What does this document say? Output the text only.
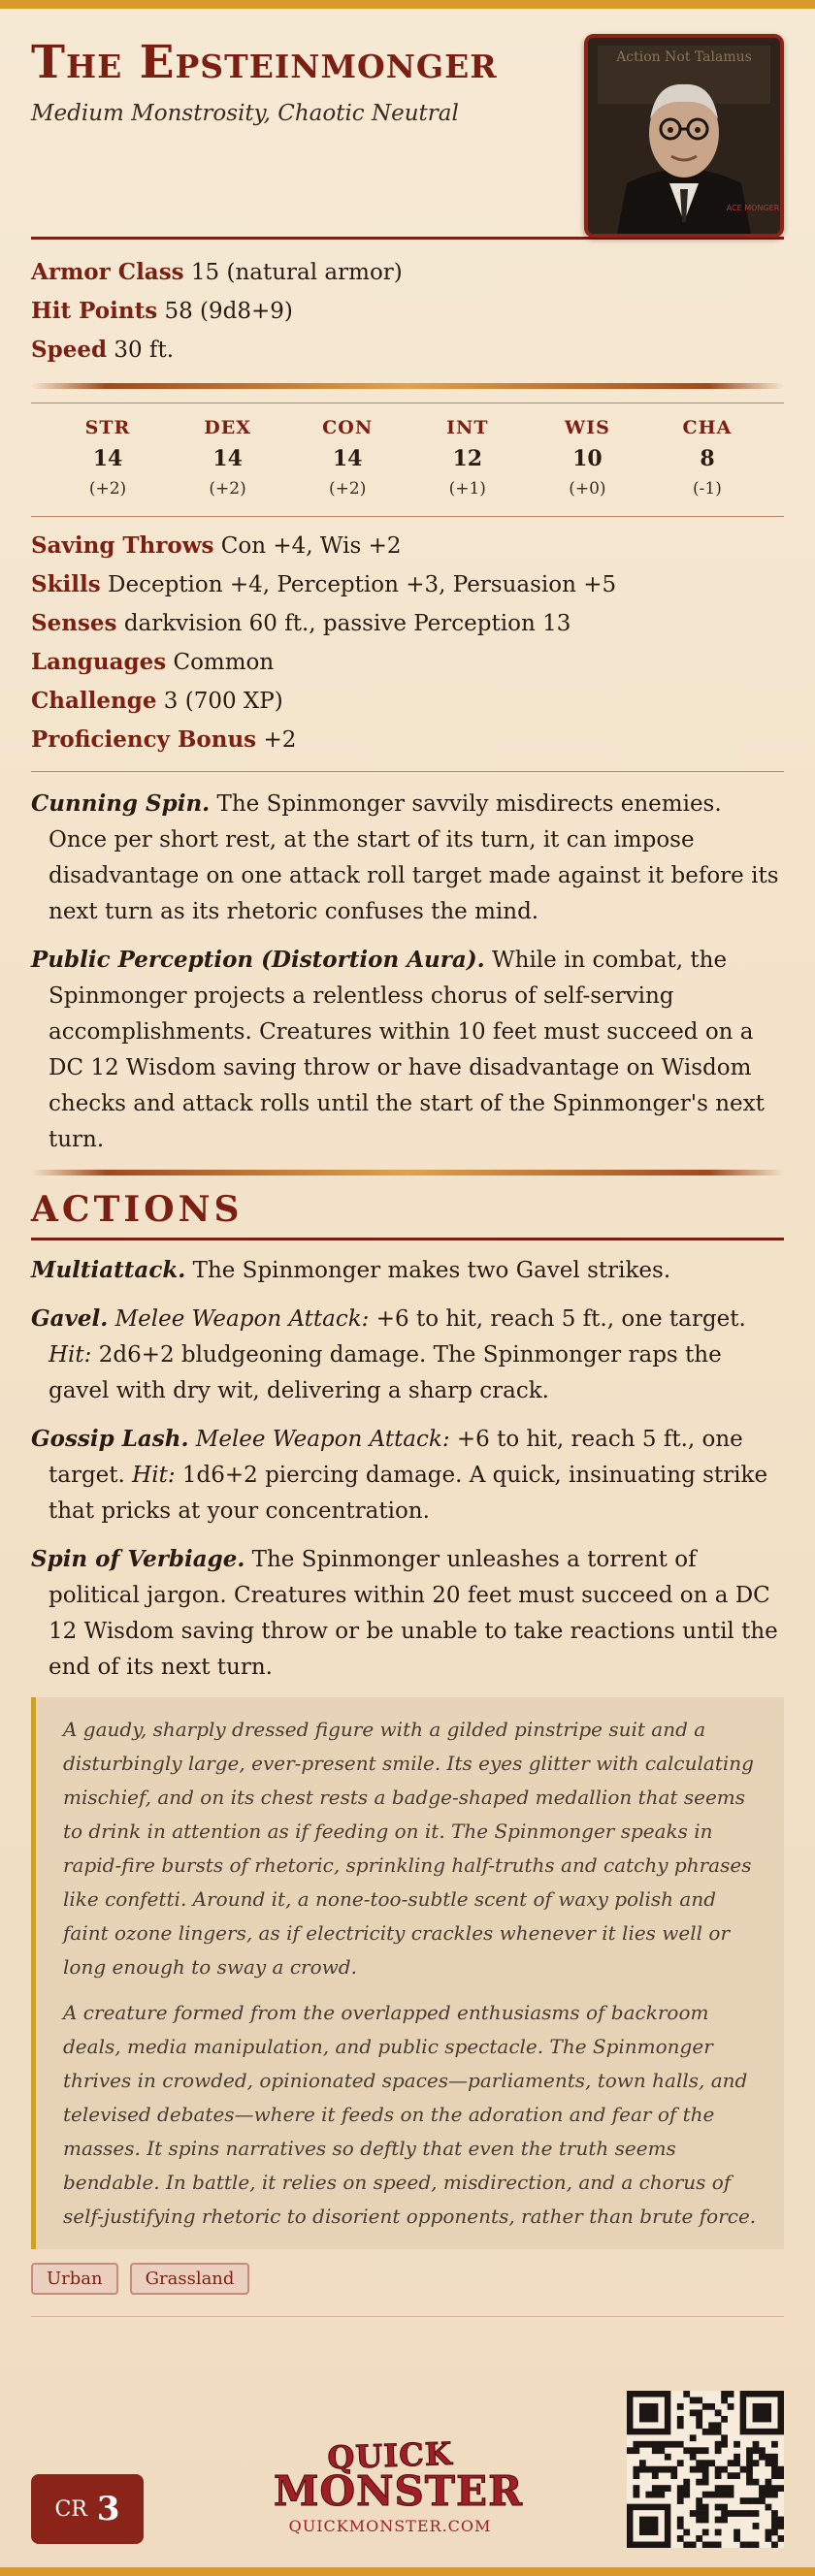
The Epsteinmonger
Medium Monstrosity, Chaotic Neutral
Action Not Talamus
ACE MONGER
Armor Class 15 (natural armor)
Hit Points 58 (9d8+9)
Speed 30 ft.
STR
14
(+2)
DEX
14
(+2)
CON
14
(+2)
INT
12
(+1)
WIS
10
(+0)
CHA
8
(-1)
Saving Throws Con +4, Wis +2
Skills Deception +4, Perception +3, Persuasion +5
Senses darkvision 60 ft., passive Perception 13
Languages Common
Challenge 3 (700 XP)
Proficiency Bonus +2

Cunning Spin. The Spinmonger savvily misdirects enemies. Once per short rest, at the start of its turn, it can impose disadvantage on one attack roll target made against it before its next turn as its rhetoric confuses the mind.

Public Perception (Distortion Aura). While in combat, the Spinmonger projects a relentless chorus of self-serving accomplishments. Creatures within 10 feet must succeed on a DC 12 Wisdom saving throw or have disadvantage on Wisdom checks and attack rolls until the start of the Spinmonger's next turn.

ACTIONS

Multiattack. The Spinmonger makes two Gavel strikes.

Gavel. Melee Weapon Attack: +6 to hit, reach 5 ft., one target. Hit: 2d6+2 bludgeoning damage. The Spinmonger raps the gavel with dry wit, delivering a sharp crack.

Gossip Lash. Melee Weapon Attack: +6 to hit, reach 5 ft., one target. Hit: 1d6+2 piercing damage. A quick, insinuating strike that pricks at your concentration.

Spin of Verbiage. The Spinmonger unleashes a torrent of political jargon. Creatures within 20 feet must succeed on a DC 12 Wisdom saving throw or be unable to take reactions until the end of its next turn.

A gaudy, sharply dressed figure with a gilded pinstripe suit and a disturbingly large, ever-present smile. Its eyes glitter with calculating mischief, and on its chest rests a badge-shaped medallion that seems to drink in attention as if feeding on it. The Spinmonger speaks in rapid-fire bursts of rhetoric, sprinkling half-truths and catchy phrases like confetti. Around it, a none-too-subtle scent of waxy polish and faint ozone lingers, as if electricity crackles whenever it lies well or long enough to sway a crowd.

A creature formed from the overlapped enthusiasms of backroom deals, media manipulation, and public spectacle. The Spinmonger thrives in crowded, opinionated spaces—parliaments, town halls, and televised debates—where it feeds on the adoration and fear of the masses. It spins narratives so deftly that even the truth seems bendable. In battle, it relies on speed, misdirection, and a chorus of self-justifying rhetoric to disorient opponents, rather than brute force.

Urban	Grassland
CR 3
QUICK
MONSTER
QUICKMONSTER.COM
